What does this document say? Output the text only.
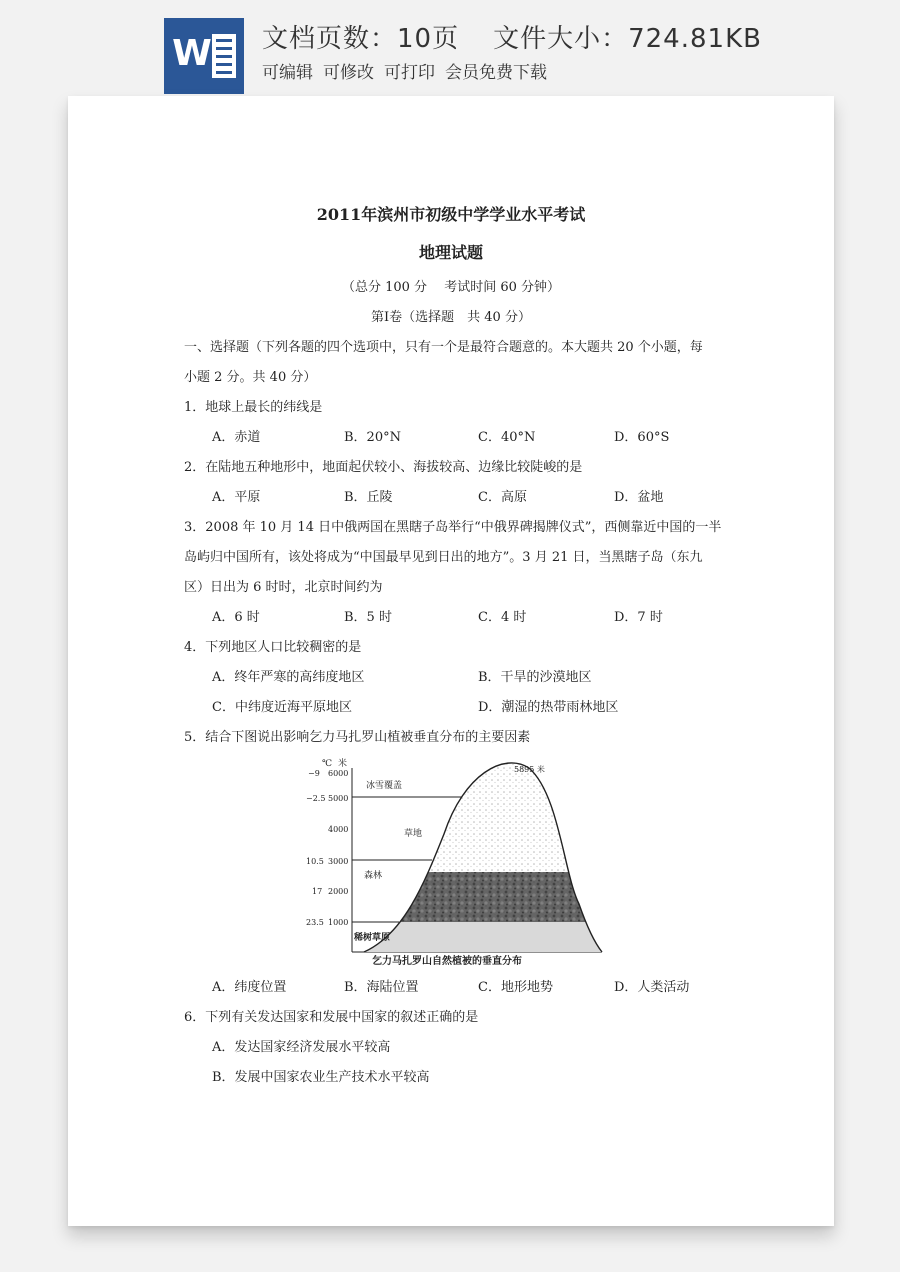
W 文档页数：10页 文件大小：724.81KB
可编辑 可修改 可打印 会员免费下载
2011年滨州市初级中学学业水平考试
地理试题
（总分 100 分　 考试时间 60 分钟）
第Ⅰ卷（选择题　共 40 分）
一、选择题（下列各题的四个选项中，只有一个是最符合题意的。本大题共 20 个小题，每
小题 2 分。共 40 分）
1．地球上最长的纬线是
A．赤道	B．20°N	C．40°N	D．60°S
2．在陆地五种地形中，地面起伏较小、海拔较高、边缘比较陡峻的是
A．平原	B．丘陵	C．高原	D．盆地
3．2008 年 10 月 14 日中俄两国在黑瞎子岛举行“中俄界碑揭牌仪式”，西侧靠近中国的一半
岛屿归中国所有，该处将成为“中国最早见到日出的地方”。3 月 21 日，当黑瞎子岛（东九
区）日出为 6 时时，北京时间约为
A．6 时	B．5 时	C．4 时	D．7 时
4．下列地区人口比较稠密的是
A．终年严寒的高纬度地区	B．干旱的沙漠地区
C．中纬度近海平原地区	D．潮湿的热带雨林地区
5．结合下图说出影响乞力马扎罗山植被垂直分布的主要因素
℃ 米
−9 6000
−2.5 5000
4000
10.5 3000
17 2000
23.5 1000
冰雪覆盖
草地
森林
稀树草原
5895 米
乞力马扎罗山自然植被的垂直分布
A．纬度位置	B．海陆位置	C．地形地势	D．人类活动
6．下列有关发达国家和发展中国家的叙述正确的是
A．发达国家经济发展水平较高
B．发展中国家农业生产技术水平较高
